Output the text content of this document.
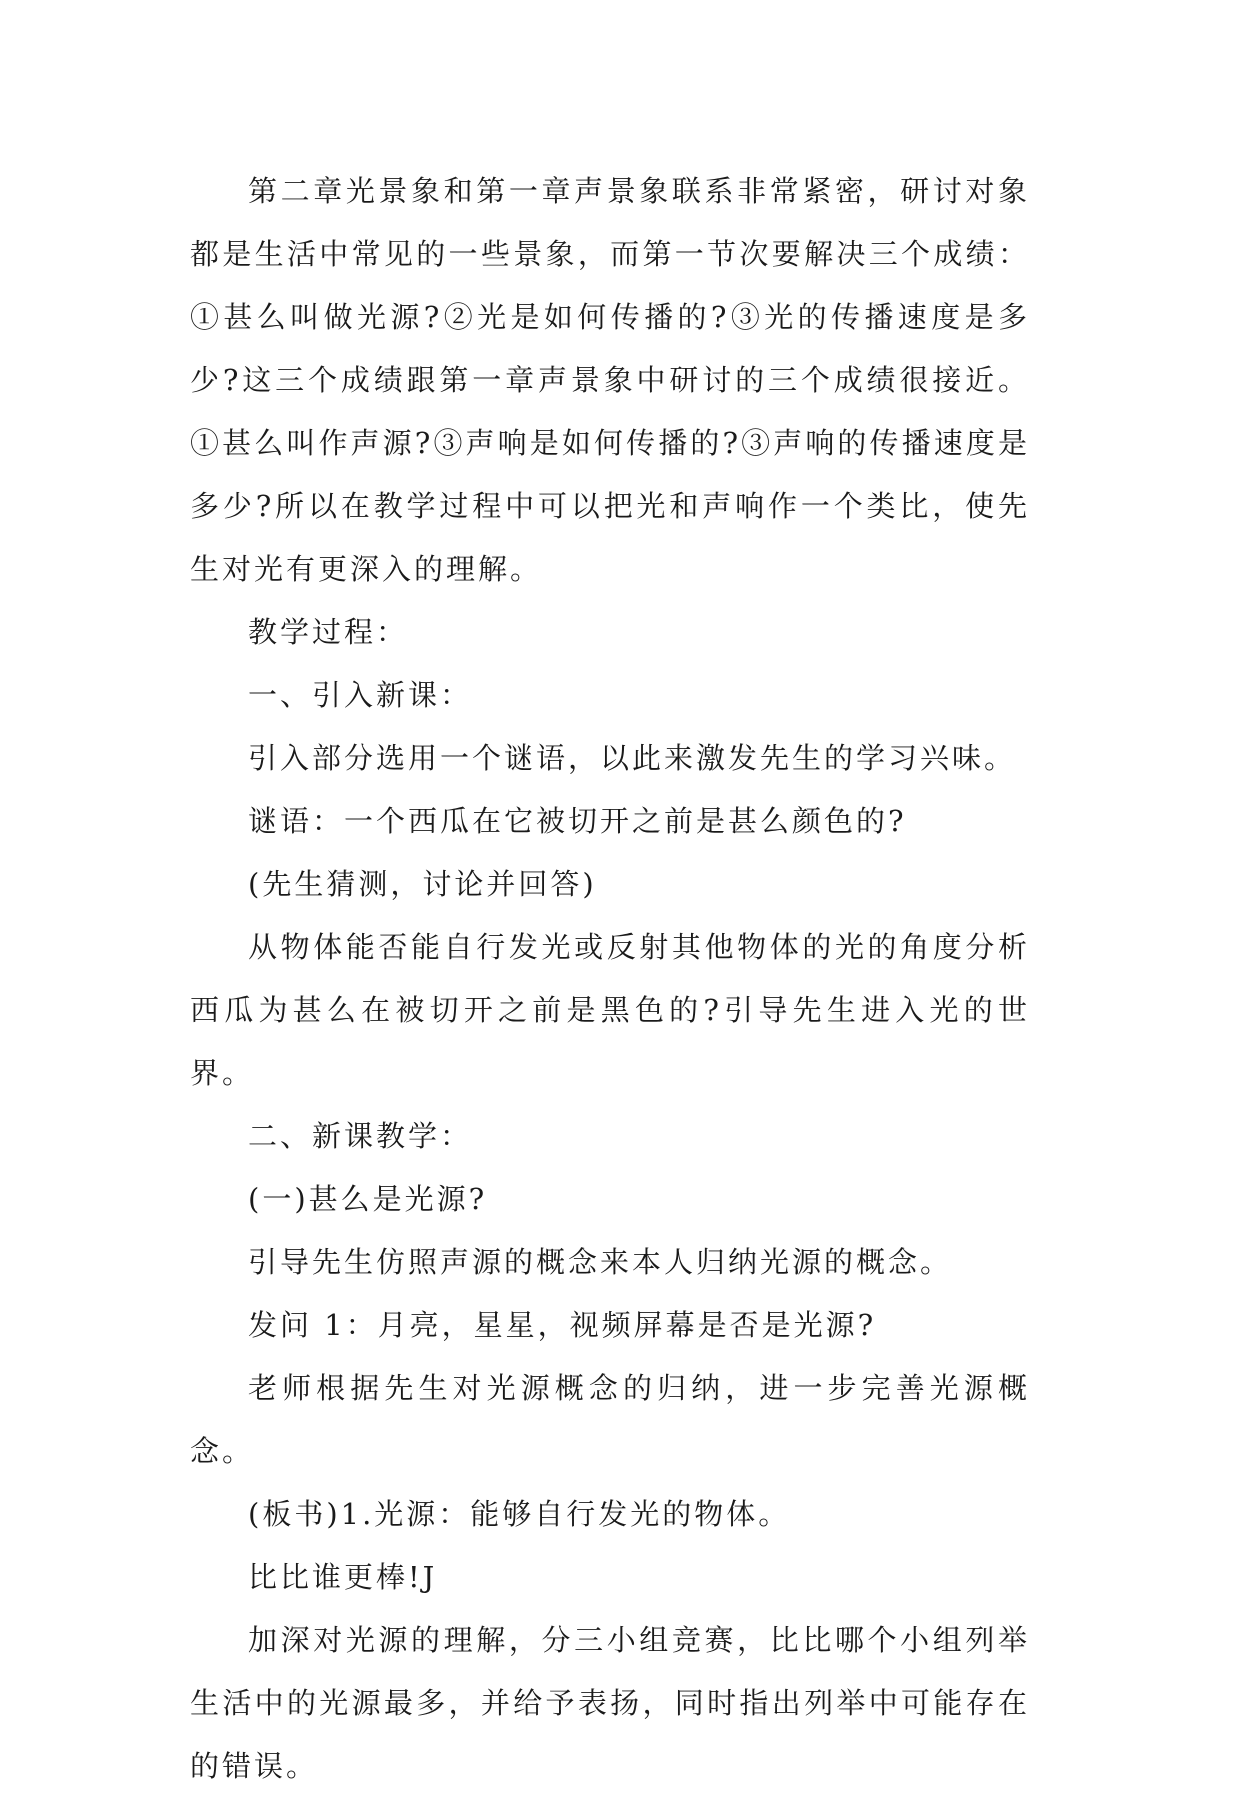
第二章光景象和第一章声景象联系非常紧密，研讨对象都是生活中常见的一些景象，而第一节次要解决三个成绩：①甚么叫做光源?②光是如何传播的?③光的传播速度是多少?这三个成绩跟第一章声景象中研讨的三个成绩很接近。①甚么叫作声源?③声响是如何传播的?③声响的传播速度是多少?所以在教学过程中可以把光和声响作一个类比，使先生对光有更深入的理解。

教学过程：

一、引入新课：

引入部分选用一个谜语，以此来激发先生的学习兴味。

谜语：一个西瓜在它被切开之前是甚么颜色的?

(先生猜测，讨论并回答)

从物体能否能自行发光或反射其他物体的光的角度分析西瓜为甚么在被切开之前是黑色的?引导先生进入光的世界。

二、新课教学：

(一)甚么是光源?

引导先生仿照声源的概念来本人归纳光源的概念。

发问 1：月亮，星星，视频屏幕是否是光源?

老师根据先生对光源概念的归纳，进一步完善光源概念。

(板书)1.光源：能够自行发光的物体。

比比谁更棒!J

加深对光源的理解，分三小组竞赛，比比哪个小组列举生活中的光源最多，并给予表扬，同时指出列举中可能存在的错误。
